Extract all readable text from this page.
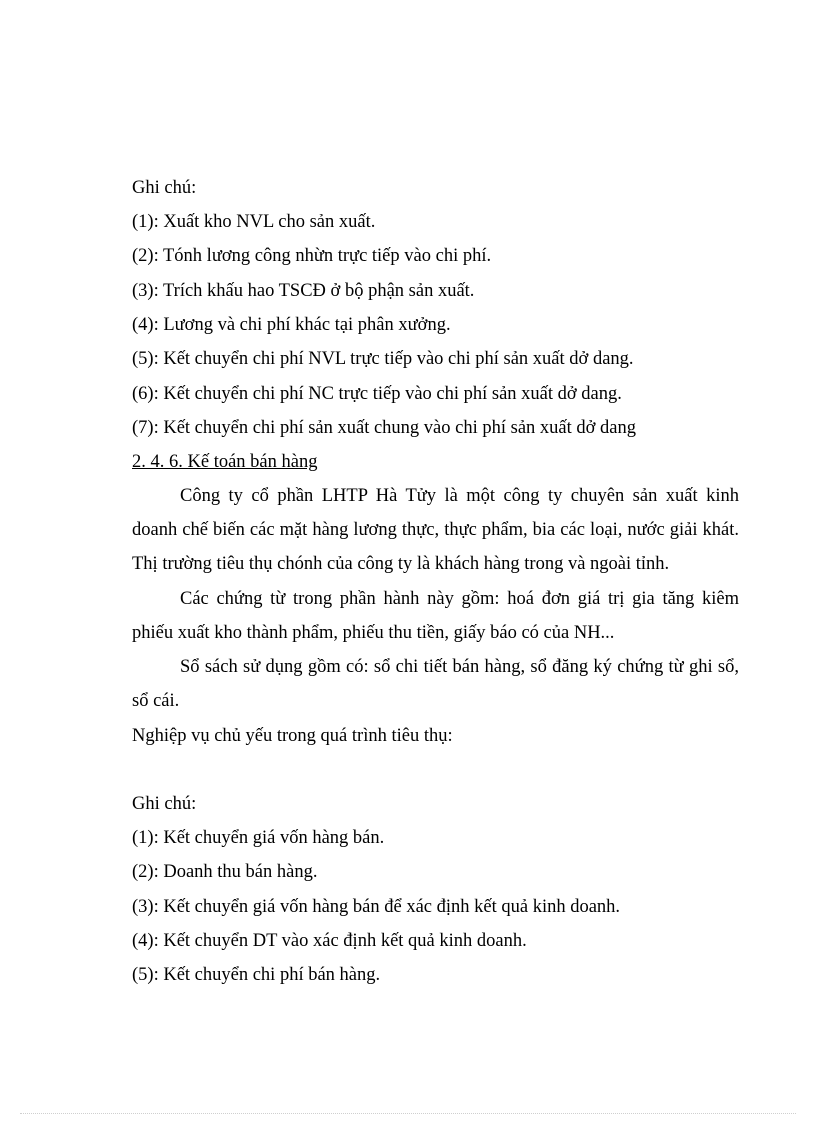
Ghi chú:
(1): Xuất kho NVL cho sản xuất.
(2): Tónh lương công nhừn trực tiếp vào chi phí.
(3): Trích khấu hao TSCĐ ở bộ phận sản xuất.
(4): Lương và chi phí khác tại phân xưởng.
(5): Kết chuyển chi phí NVL trực tiếp vào chi phí sản xuất dở dang.
(6): Kết chuyển chi phí NC trực tiếp vào chi phí sản xuất dở dang.
(7): Kết chuyển chi phí sản xuất chung vào chi phí sản xuất dở dang
2. 4. 6. Kế toán bán hàng
Công ty cổ phần LHTP Hà Tửy là một công ty chuyên sản xuất kinh
doanh chế biến các mặt hàng lương thực, thực phẩm, bia các loại, nước giải khát.
Thị trường tiêu thụ chónh của công ty là khách hàng trong và ngoài tỉnh.
Các chứng từ trong phần hành này gồm: hoá đơn giá trị gia tăng kiêm
phiếu xuất kho thành phẩm, phiếu thu tiền, giấy báo có của NH...
Sổ sách sử dụng gồm có: sổ chi tiết bán hàng, sổ đăng ký chứng từ ghi sổ,
sổ cái.
Nghiệp vụ chủ yếu trong quá trình tiêu thụ:
Ghi chú:
(1): Kết chuyển giá vốn hàng bán.
(2): Doanh thu bán hàng.
(3): Kết chuyển giá vốn hàng bán để xác định kết quả kinh doanh.
(4): Kết chuyển DT vào xác định kết quả kinh doanh.
(5): Kết chuyển chi phí bán hàng.
